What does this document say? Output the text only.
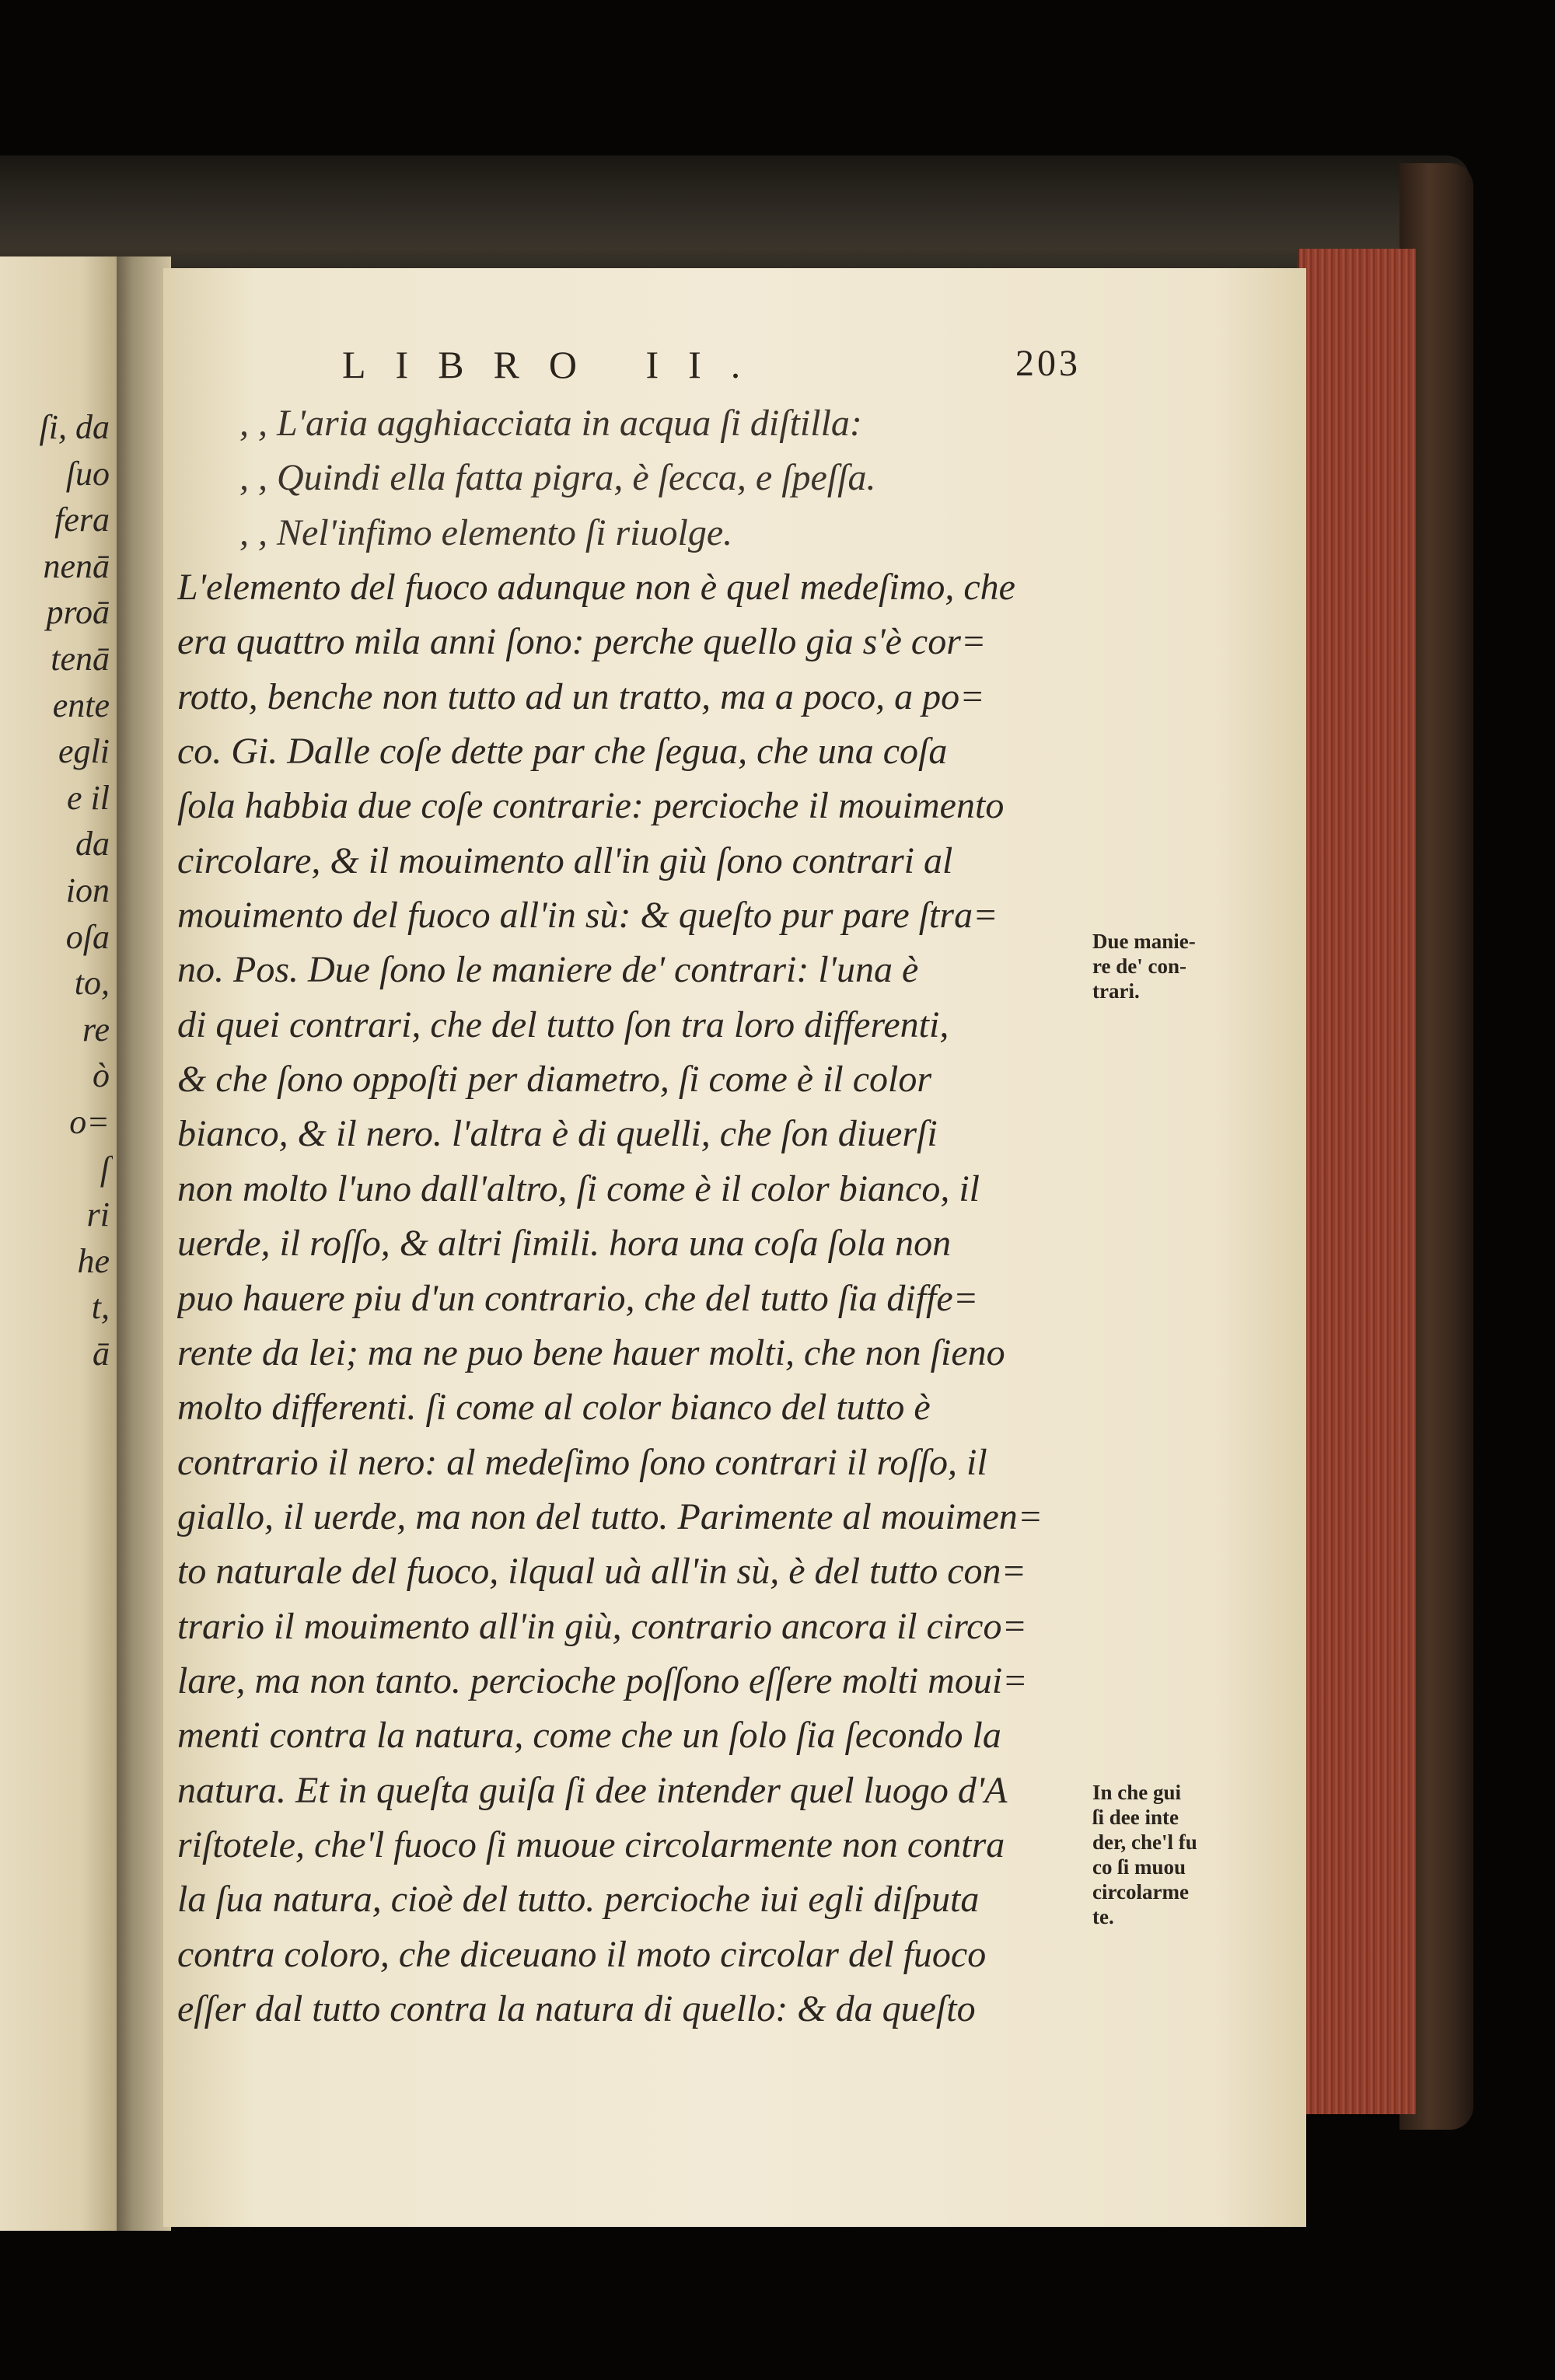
ſi, da
ſuo
fera
nenā
proā
tenā
ente
egli
e il
da
ion
oſa
to,
re
ò
o=
ſ
ri
he
t,
ā
LIBRO II.	203
, , L'aria agghiacciata in acqua ſi diſtilla:
, , Quindi ella fatta pigra, è ſecca, e ſpeſſa.
, , Nel'infimo elemento ſi riuolge.
L'elemento del fuoco adunque non è quel medeſimo, che
era quattro mila anni ſono: perche quello gia s'è cor=
rotto, benche non tutto ad un tratto, ma a poco, a po=
co. Gi. Dalle coſe dette par che ſegua, che una coſa
ſola habbia due coſe contrarie: percioche il mouimento
circolare, & il mouimento all'in giù ſono contrari al
mouimento del fuoco all'in sù: & queſto pur pare ſtra=
no. Pos. Due ſono le maniere de' contrari: l'una è
di quei contrari, che del tutto ſon tra loro differenti,
& che ſono oppoſti per diametro, ſi come è il color
bianco, & il nero. l'altra è di quelli, che ſon diuerſi
non molto l'uno dall'altro, ſi come è il color bianco, il
uerde, il roſſo, & altri ſimili. hora una coſa ſola non
puo hauere piu d'un contrario, che del tutto ſia diffe=
rente da lei; ma ne puo bene hauer molti, che non ſieno
molto differenti. ſi come al color bianco del tutto è
contrario il nero: al medeſimo ſono contrari il roſſo, il
giallo, il uerde, ma non del tutto. Parimente al mouimen=
to naturale del fuoco, ilqual uà all'in sù, è del tutto con=
trario il mouimento all'in giù, contrario ancora il circo=
lare, ma non tanto. percioche poſſono eſſere molti moui=
menti contra la natura, come che un ſolo ſia ſecondo la
natura. Et in queſta guiſa ſi dee intender quel luogo d'A
riſtotele, che'l fuoco ſi muoue circolarmente non contra
la ſua natura, cioè del tutto. percioche iui egli diſputa
contra coloro, che diceuano il moto circolar del fuoco
eſſer dal tutto contra la natura di quello: & da queſto
Due manie-
re de' con-
trari.
In che gui
ſi dee inte
der, che'l fu
co ſi muou
circolarme
te.
